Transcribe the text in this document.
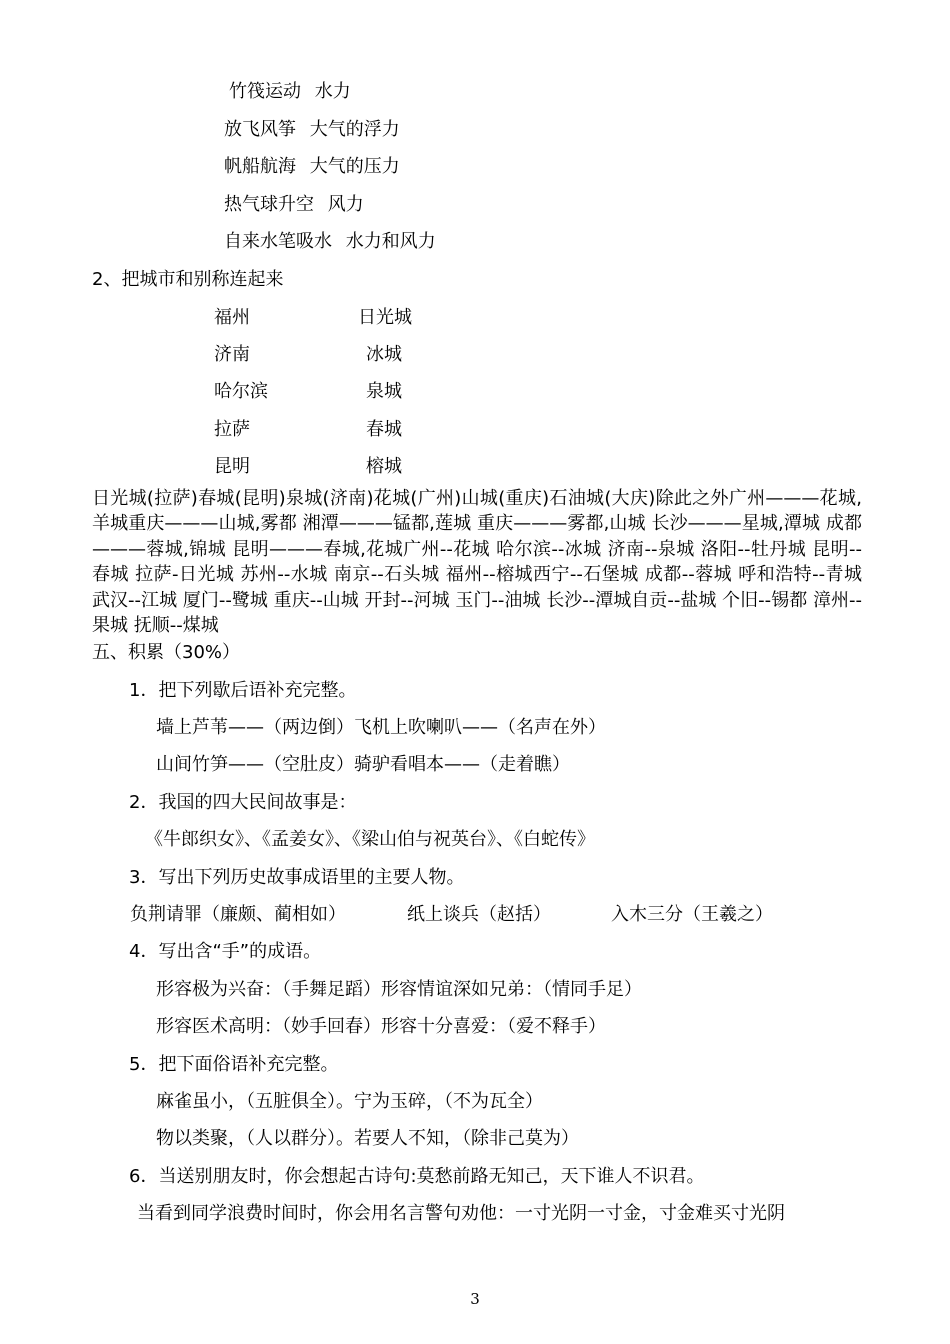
竹筏运动 水力
放飞风筝 大气的浮力
帆船航海 大气的压力
热气球升空 风力
自来水笔吸水 水力和风力
2、把城市和别称连起来
福州	日光城
济南	冰城
哈尔滨	泉城
拉萨	春城
昆明	榕城
日光城(拉萨)春城(昆明)泉城(济南)花城(广州)山城(重庆)石油城(大庆)除此之外广州———花城,羊城重庆———山城,雾都 湘潭———锰都,莲城 重庆———雾都,山城 长沙———星城,潭城 成都———蓉城,锦城 昆明———春城,花城广州--花城 哈尔滨--冰城 济南--泉城 洛阳--牡丹城 昆明--春城 拉萨-日光城 苏州--水城 南京--石头城 福州--榕城西宁--石堡城 成都--蓉城 呼和浩特--青城 武汉--江城 厦门--鹭城 重庆--山城 开封--河城 玉门--油城 长沙--潭城自贡--盐城 个旧--锡都 漳州--果城 抚顺--煤城
五、积累（30%）
1．把下列歇后语补充完整。
墙上芦苇——（两边倒）飞机上吹喇叭——（名声在外）
山间竹笋——（空肚皮）骑驴看唱本——（走着瞧）
2．我国的四大民间故事是：
《牛郎织女》、《孟姜女》、《梁山伯与祝英台》、《白蛇传》
3．写出下列历史故事成语里的主要人物。
负荆请罪（廉颇、蔺相如）	纸上谈兵（赵括）	入木三分（王羲之）
4．写出含“手”的成语。
形容极为兴奋：（手舞足蹈）形容情谊深如兄弟：（情同手足）
形容医术高明：（妙手回春）形容十分喜爱：（爱不释手）
5．把下面俗语补充完整。
麻雀虽小，（五脏俱全）。宁为玉碎，（不为瓦全）
物以类聚，（人以群分）。若要人不知，（除非己莫为）
6．当送别朋友时，你会想起古诗句:莫愁前路无知己，天下谁人不识君。
当看到同学浪费时间时，你会用名言警句劝他：一寸光阴一寸金，寸金难买寸光阴
3
